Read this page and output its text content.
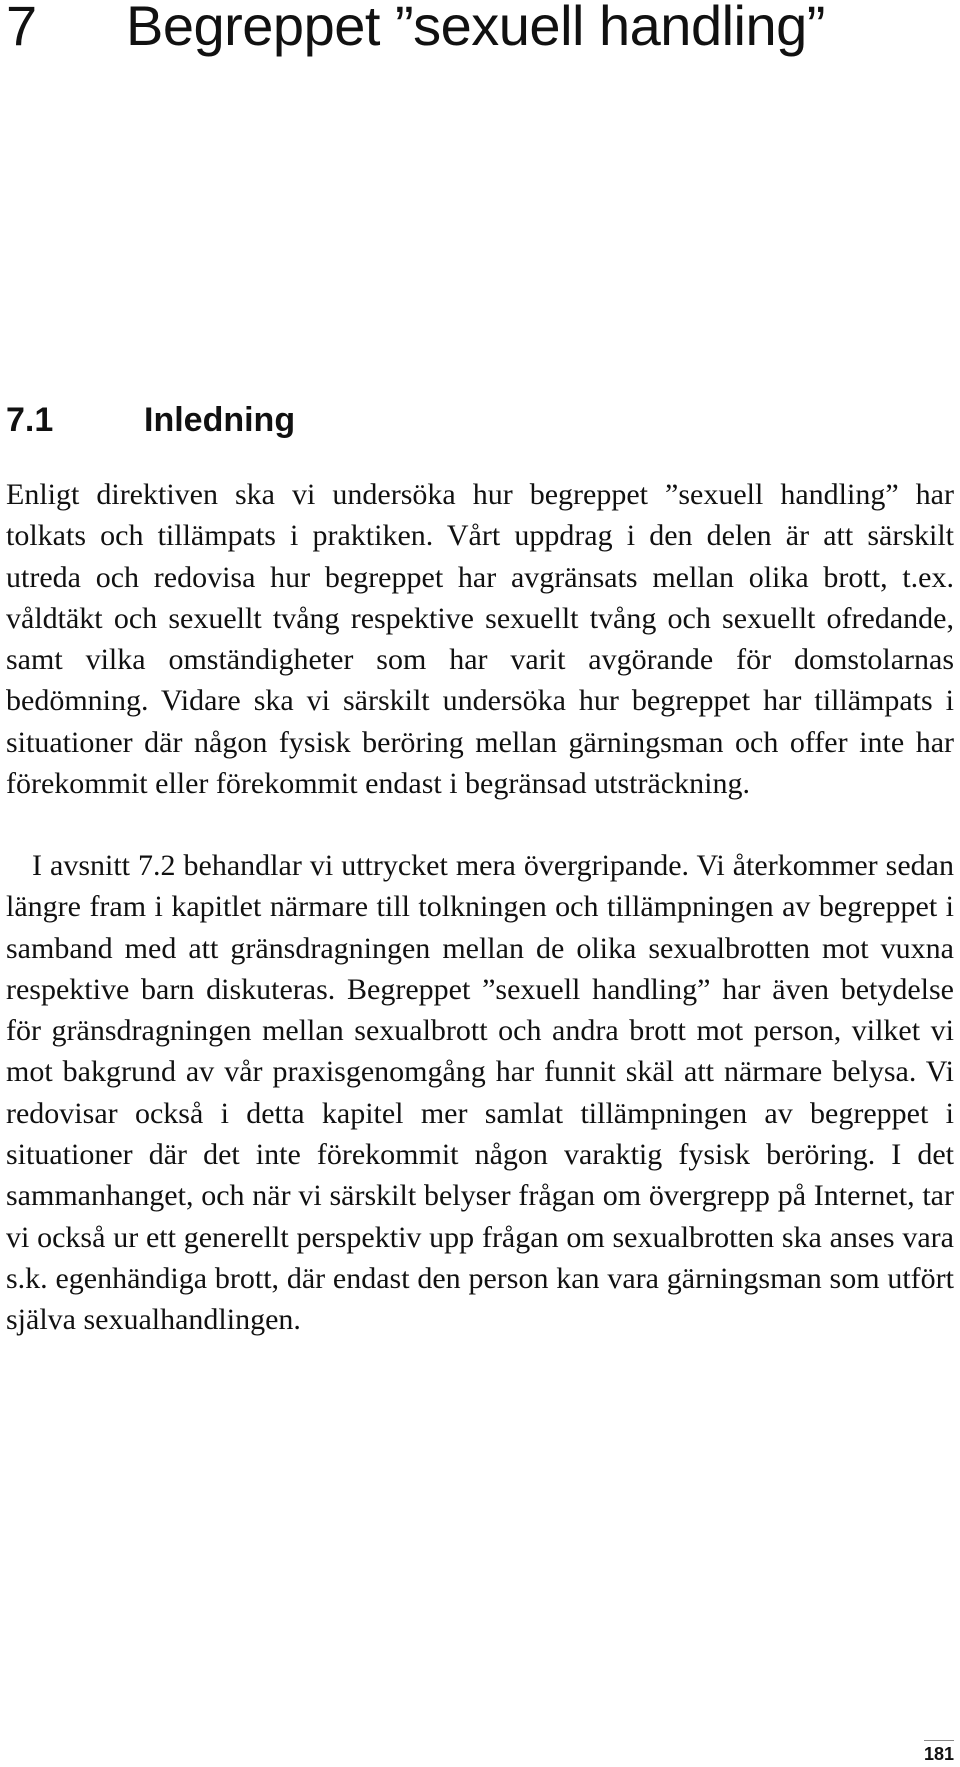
7 Begreppet ”sexuell handling”
7.1	Inledning

Enligt direktiven ska vi undersöka hur begreppet ”sexuell handling” har tolkats och tillämpats i praktiken. Vårt uppdrag i den delen är att särskilt utreda och redovisa hur begreppet har avgränsats mellan olika brott, t.ex. våldtäkt och sexuellt tvång respektive sexuellt tvång och sexuellt ofredande, samt vilka omständigheter som har varit avgörande för domstolarnas bedömning. Vidare ska vi särskilt undersöka hur begreppet har tillämpats i situationer där någon fysisk beröring mellan gärningsman och offer inte har förekommit eller förekommit endast i begränsad utsträckning.

I avsnitt 7.2 behandlar vi uttrycket mera övergripande. Vi återkommer sedan längre fram i kapitlet närmare till tolkningen och tillämpningen av begreppet i samband med att gränsdragningen mellan de olika sexualbrotten mot vuxna respektive barn diskuteras. Begreppet ”sexuell handling” har även betydelse för gränsdragningen mellan sexualbrott och andra brott mot person, vilket vi mot bakgrund av vår praxisgenomgång har funnit skäl att närmare belysa. Vi redovisar också i detta kapitel mer samlat tillämpningen av begreppet i situationer där det inte förekommit någon varaktig fysisk beröring. I det sammanhanget, och när vi särskilt belyser frågan om övergrepp på Internet, tar vi också ur ett generellt perspektiv upp frågan om sexualbrotten ska anses vara s.k. egenhändiga brott, där endast den person kan vara gärningsman som utfört själva sexualhandlingen.

181
